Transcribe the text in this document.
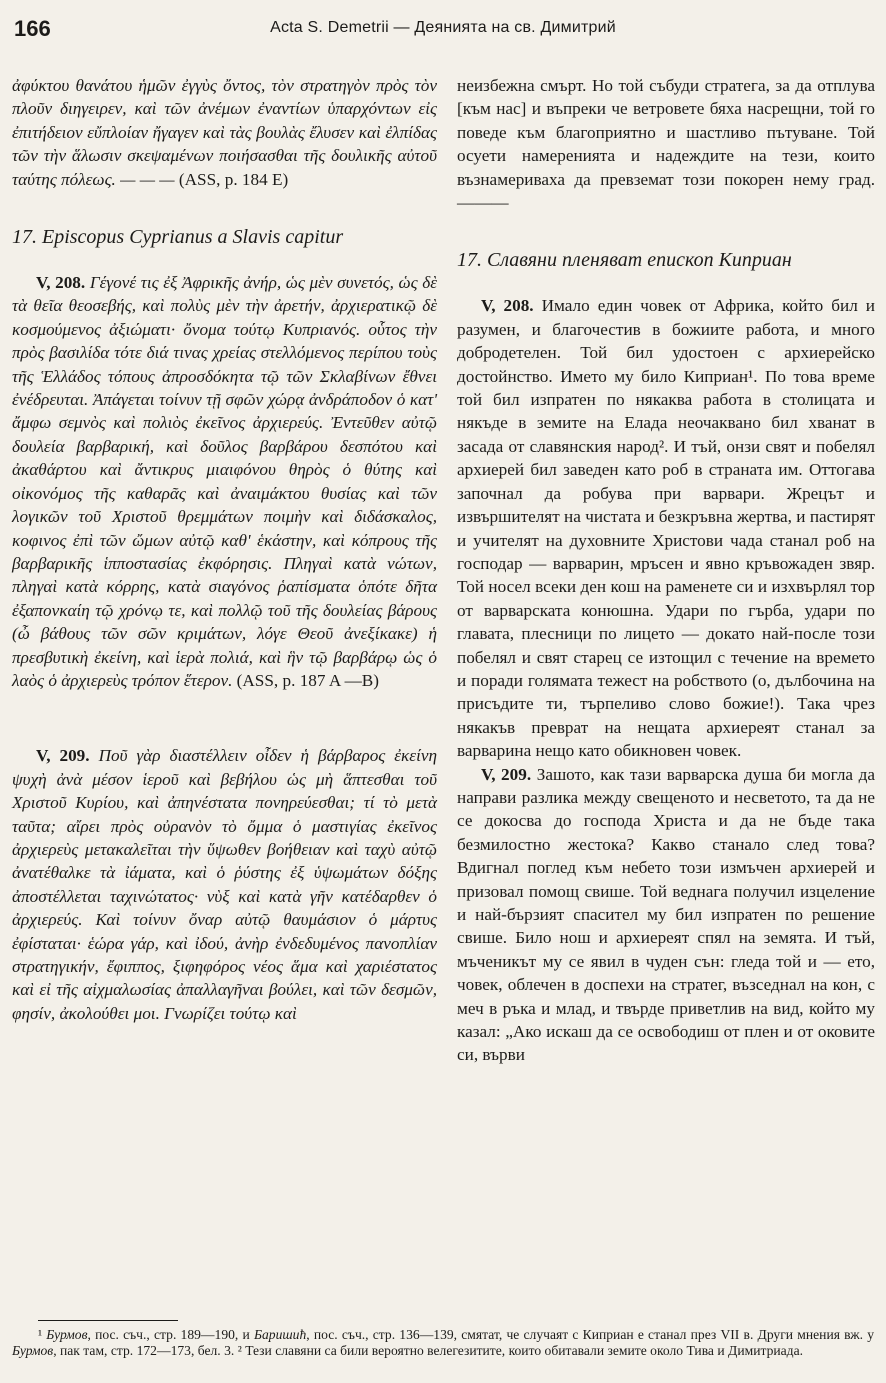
166	Acta S. Demetrii — Деянията на св. Димитрий

ἀφύκτου θανάτου ἡμῶν ἐγγὺς ὄντος, τὸν στρατηγὸν πρὸς τὸν πλοῦν διηγειρεν, καὶ τῶν ἀνέμων ἐναντίων ὑπαρχόντων εἰς ἐπιτήδειον εὔπλοίαν ἤγαγεν καὶ τὰς βουλὰς ἔλυσεν καὶ ἐλπίδας τῶν τὴν ἅλωσιν σκεψαμένων ποιήσασθαι τῆς δουλικῆς αὐτοῦ ταύτης πόλεως. — — — (ASS, p. 184 E)

17. Episcopus Cyprianus a Slavis capitur

V, 208. Γέγονέ τις ἐξ Ἀφρικῆς ἀνήρ, ὡς μὲν συνετός, ὡς δὲ τὰ θεῖα θεοσεβής, καὶ πολὺς μὲν τὴν ἀρετήν, ἀρχιερατικῷ δὲ κοσμούμενος ἀξιώματι· ὄνομα τούτῳ Κυπριανός. οὗτος τὴν πρὸς βασιλίδα τότε διά τινας χρείας στελλόμενος περίπου τοὺς τῆς Ἑλλάδος τόπους ἀπροσδόκητα τῷ τῶν Σκλαβίνων ἔθνει ἐνέδρευται. Ἀπάγεται τοίνυν τῇ σφῶν χώρᾳ ἀνδράποδον ὁ κατ' ἄμφω σεμνὸς καὶ πολιὸς ἐκεῖνος ἀρχιερεύς. Ἐντεῦθεν αὐτῷ δουλεία βαρβαρική, καὶ δοῦλος βαρβάρου δεσπότου καὶ ἀκαθάρτου καὶ ἄντικρυς μιαιφόνου θηρὸς ὁ θύτης καὶ οἰκονόμος τῆς καθαρᾶς καὶ ἀναιμάκτου θυσίας καὶ τῶν λογικῶν τοῦ Χριστοῦ θρεμμάτων ποιμὴν καὶ διδάσκαλος, κοφινος ἐπὶ τῶν ὤμων αὐτῷ καθ' ἑκάστην, καὶ κόπρους τῆς βαρβαρικῆς ἱπποστασίας ἐκφόρησις. Πληγαὶ κατὰ νώτων, πληγαὶ κατὰ κόρρης, κατὰ σιαγόνος ῥαπίσματα ὁπότε δῆτα ἐξαπονκαίη τῷ χρόνῳ τε, καὶ πολλῷ τοῦ τῆς δουλείας βάρους (ὦ βάθους τῶν σῶν κριμάτων, λόγε Θεοῦ ἀνεξίκακε) ἡ πρεσβυτικὴ ἐκείνη, καὶ ἱερὰ πολιά, καὶ ἣν τῷ βαρβάρῳ ὡς ὁ λαὸς ὁ ἀρχιερεὺς τρόπον ἕτερον. (ASS, p. 187 A —B)

V, 209. Ποῦ γὰρ διαστέλλειν οἶδεν ἡ βάρβαρος ἐκείνη ψυχὴ ἀνὰ μέσον ἱεροῦ καὶ βεβήλου ὡς μὴ ἅπτεσθαι τοῦ Χριστοῦ Κυρίου, καὶ ἀπηνέστατα πονηρεύεσθαι; τί τὸ μετὰ ταῦτα; αἴρει πρὸς οὐρανὸν τὸ ὄμμα ὁ μαστιγίας ἐκεῖνος ἀρχιερεὺς μετακαλεῖται τὴν ὕψωθεν βοήθειαν καὶ ταχὺ αὐτῷ ἀνατέθαλκε τὰ ἰάματα, καὶ ὁ ῥύστης ἐξ ὑψωμάτων δόξης ἀποστέλλεται ταχινώτατος· νὺξ καὶ κατὰ γῆν κατέδαρθεν ὁ ἀρχιερεύς. Καὶ τοίνυν ὄναρ αὐτῷ θαυμάσιον ὁ μάρτυς ἐφίσταται· ἑώρα γάρ, καὶ ἰδού, ἀνὴρ ἐνδεδυμένος πανοπλίαν στρατηγικήν, ἔφιππος, ξιφηφόρος νέος ἅμα καὶ χαριέστατος καὶ εἰ τῆς αἰχμαλωσίας ἀπαλλαγῆναι βούλει, καὶ τῶν δεσμῶν, φησίν, ἀκολούθει μοι. Γνωρίζει τούτῳ καὶ

неизбежна смърт. Но той събуди стратега, за да отплува [към нас] и въпреки че ветровете бяха насрещни, той го поведе към благоприятно и шастливо пътуване. Той осуети намеренията и надеждите на тези, които възнамериваха да превземат този покорен нему град.———

17. Славяни пленяват епископ Киприан

V, 208. Имало един човек от Африка, който бил и разумен, и благочестив в божиите работа, и много добродетелен. Той бил удостоен с архиерейско достойнство. Името му било Киприан¹. По това време той бил изпратен по някаква работа в столицата и някъде в земите на Елада неочаквано бил хванат в засада от славянския народ². И тъй, онзи свят и побелял архиерей бил заведен като роб в страната им. Оттогава започнал да робува при варвари. Жрецът и извършителят на чистата и безкръвна жертва, и пастирят и учителят на духовните Христови чада станал роб на господар — варварин, мръсен и явно кръвожаден звяр. Той носел всеки ден кош на раменете си и изхвърлял тор от варварската конюшна. Удари по гърба, удари по главата, плесници по лицето — докато най-после този побелял и свят старец се изтощил с течение на времето и поради голямата тежест на робството (о, дълбочина на присъдите ти, търпеливо слово божие!). Така чрез някакъв преврат на нещата архиереят станал за варварина нещо като обикновен човек.

V, 209. Зашото, как тази варварска душа би могла да направи разлика между свещеното и несветото, та да не се докосва до господа Христа и да не бъде така безмилостно жестока? Какво станало след това? Вдигнал поглед към небето този измъчен архиерей и призовал помощ свише. Той веднага получил изцеление и най-бързият спасител му бил изпратен по решение свише. Било нош и архиереят спял на земята. И тъй, мъченикът му се явил в чуден сън: гледа той и — ето, човек, облечен в доспехи на стратег, възседнал на кон, с меч в ръка и млад, и твърде приветлив на вид, който му казал: „Ако искаш да се освободиш от плен и от оковите си, върви

¹ Бурмов, пос. съч., стр. 189—190, и Баришић, пос. съч., стр. 136—139, смятат, че случаят с Киприан е станал през VII в. Други мнения вж. у Бурмов, пак там, стр. 172—173, бел. 3. ² Тези славяни са били вероятно велегезитите, които обитавали земите около Тива и Димитриада.
